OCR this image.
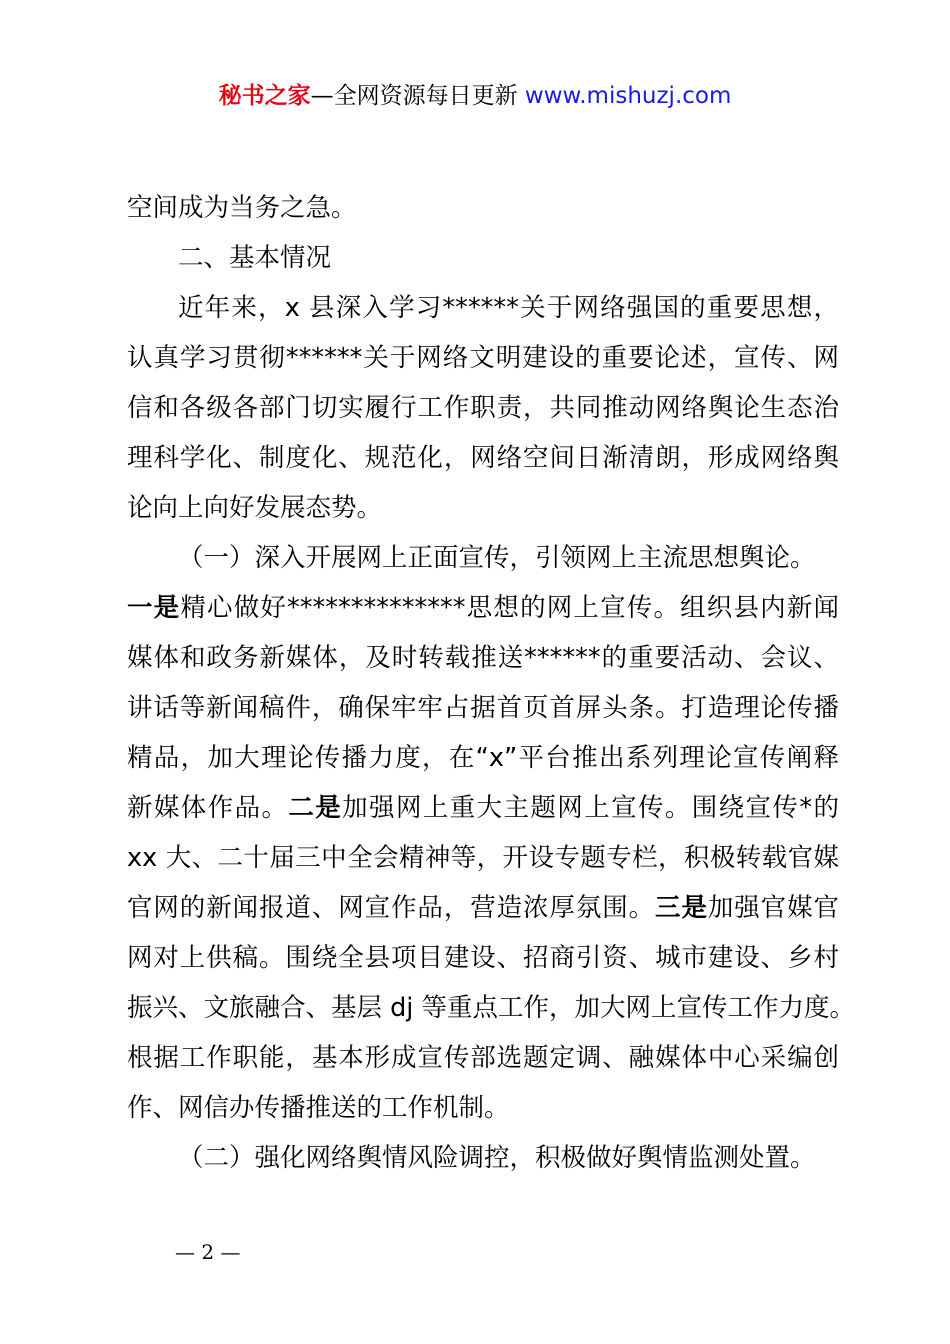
秘书之家—全网资源每日更新 www.mishuzj.com
空间成为当务之急。
二、基本情况
近年来，x 县深入学习******关于网络强国的重要思想，
认真学习贯彻******关于网络文明建设的重要论述，宣传、网
信和各级各部门切实履行工作职责，共同推动网络舆论生态治
理科学化、制度化、规范化，网络空间日渐清朗，形成网络舆
论向上向好发展态势。
（一）深入开展网上正面宣传，引领网上主流思想舆论。
一是精心做好**************思想的网上宣传。组织县内新闻
媒体和政务新媒体，及时转载推送******的重要活动、会议、
讲话等新闻稿件，确保牢牢占据首页首屏头条。打造理论传播
精品，加大理论传播力度，在“x”平台推出系列理论宣传阐释
新媒体作品。二是加强网上重大主题网上宣传。围绕宣传*的
xx 大、二十届三中全会精神等，开设专题专栏，积极转载官媒
官网的新闻报道、网宣作品，营造浓厚氛围。三是加强官媒官
网对上供稿。围绕全县项目建设、招商引资、城市建设、乡村
振兴、文旅融合、基层 dj 等重点工作，加大网上宣传工作力度。
根据工作职能，基本形成宣传部选题定调、融媒体中心采编创
作、网信办传播推送的工作机制。
（二）强化网络舆情风险调控，积极做好舆情监测处置。
— 2 —
